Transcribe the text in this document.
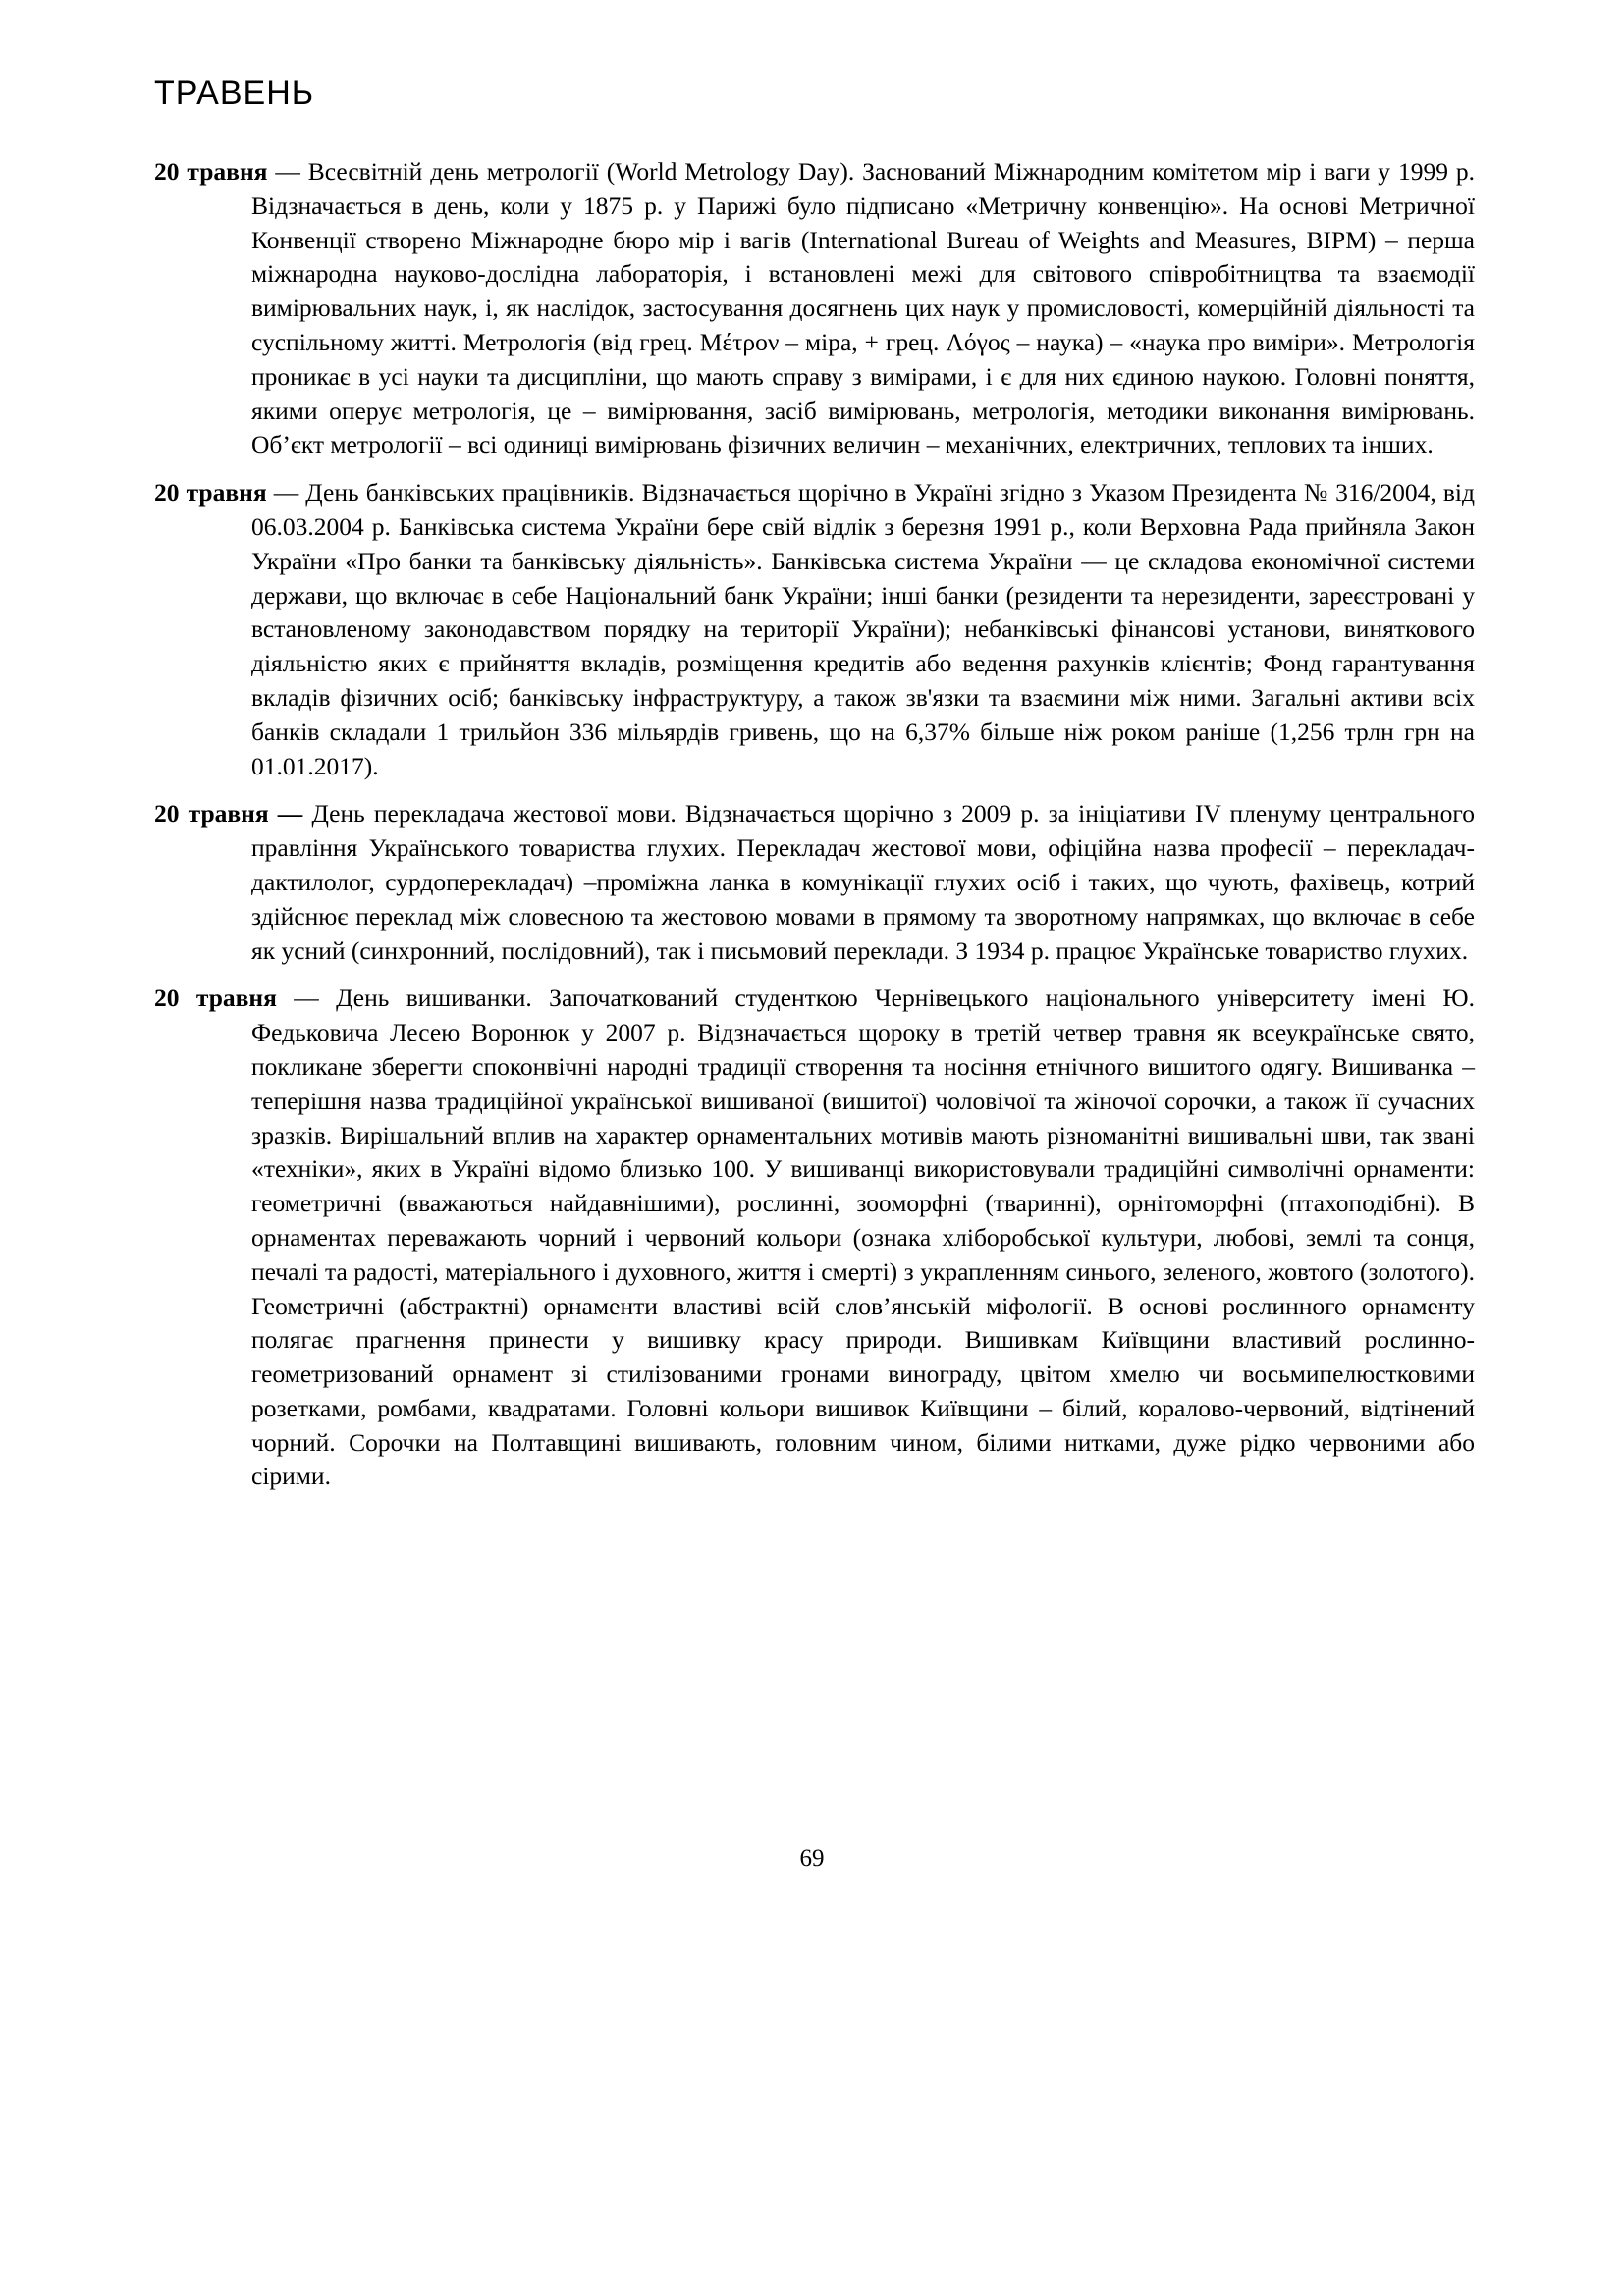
ТРАВЕНЬ

20 травня — Всесвітній день метрології (World Metrology Day). Заснований Міжнародним комітетом мір і ваги у 1999 р. Відзначається в день, коли у 1875 р. у Парижі було підписано «Метричну конвенцію». На основі Метричної Конвенції створено Міжнародне бюро мір і вагів (International Bureau of Weights and Measures, BIPM) – перша міжнародна науково-дослідна лабораторія, і встановлені межі для світового співробітництва та взаємодії вимірювальних наук, і, як наслідок, застосування досягнень цих наук у промисловості, комерційній діяльності та суспільному житті. Метрологія (від грец. Μέτρον – міра, + грец. Λόγος – наука) – «наука про виміри». Метрологія проникає в усі науки та дисципліни, що мають справу з вимірами, і є для них єдиною наукою. Головні поняття, якими оперує метрологія, це – вимірювання, засіб вимірювань, метрологія, методики виконання вимірювань. Об’єкт метрології – всі одиниці вимірювань фізичних величин – механічних, електричних, теплових та інших.

20 травня — День банківських працівників. Відзначається щорічно в Україні згідно з Указом Президента № 316/2004, від 06.03.2004 р. Банківська система України бере свій відлік з березня 1991 р., коли Верховна Рада прийняла Закон України «Про банки та банківську діяльність». Банківська система України — це складова економічної системи держави, що включає в себе Національний банк України; інші банки (резиденти та нерезиденти, зареєстровані у встановленому законодавством порядку на території України); небанківські фінансові установи, виняткового діяльністю яких є прийняття вкладів, розміщення кредитів або ведення рахунків клієнтів; Фонд гарантування вкладів фізичних осіб; банківську інфраструктуру, а також зв'язки та взаємини між ними. Загальні активи всіх банків складали 1 трильйон 336 мільярдів гривень, що на 6,37% більше ніж роком раніше (1,256 трлн грн на 01.01.2017).

20 травня — День перекладача жестової мови. Відзначається щорічно з 2009 р. за ініціативи IV пленуму центрального правління Українського товариства глухих. Перекладач жестової мови, офіційна назва професії – перекладач-дактилолог, сурдоперекладач) –проміжна ланка в комунікації глухих осіб і таких, що чують, фахівець, котрий здійснює переклад між словесною та жестовою мовами в прямому та зворотному напрямках, що включає в себе як усний (синхронний, послідовний), так і письмовий переклади. З 1934 р. працює Українське товариство глухих.

20 травня — День вишиванки. Започаткований студенткою Чернівецького національного університету імені Ю. Федьковича Лесею Воронюк у 2007 р. Відзначається щороку в третій четвер травня як всеукраїнське свято, покликане зберегти споконвічні народні традиції створення та носіння етнічного вишитого одягу. Вишиванка – теперішня назва традиційної української вишиваної (вишитої) чоловічої та жіночої сорочки, а також її сучасних зразків. Вирішальний вплив на характер орнаментальних мотивів мають різноманітні вишивальні шви, так звані «техніки», яких в Україні відомо близько 100. У вишиванці використовували традиційні символічні орнаменти: геометричні (вважаються найдавнішими), рослинні, зооморфні (тваринні), орнітоморфні (птахоподібні). В орнаментах переважають чорний і червоний кольори (ознака хліборобської культури, любові, землі та сонця, печалі та радості, матеріального і духовного, життя і смерті) з украпленням синього, зеленого, жовтого (золотого). Геометричні (абстрактні) орнаменти властиві всій слов’янській міфології. В основі рослинного орнаменту полягає прагнення принести у вишивку красу природи. Вишивкам Київщини властивий рослинно-геометризований орнамент зі стилізованими гронами винограду, цвітом хмелю чи восьмипелюстковими розетками, ромбами, квадратами. Головні кольори вишивок Київщини – білий, коралово-червоний, відтінений чорний. Сорочки на Полтавщині вишивають, головним чином, білими нитками, дуже рідко червоними або сірими.

69
